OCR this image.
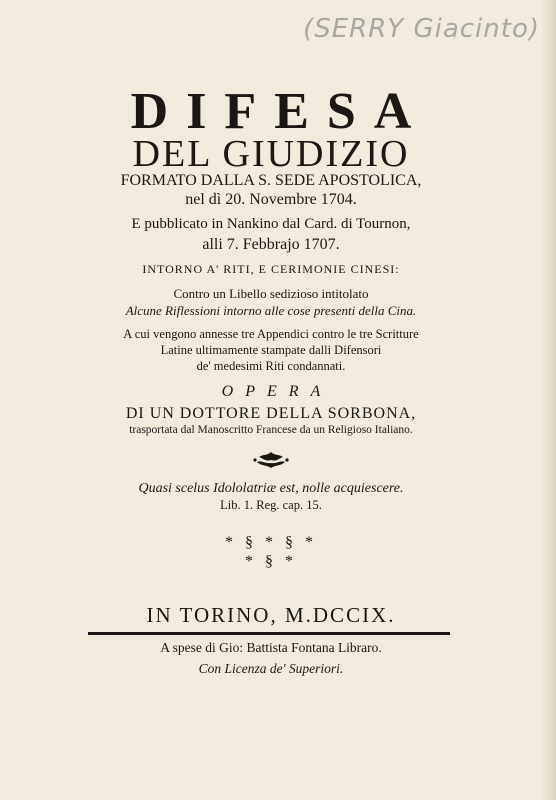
(SERRY Giacinto)
DIFESA
DEL GIUDIZIO
FORMATO DALLA S. SEDE APOSTOLICA,
nel dì 20. Novembre 1704.
E pubblicato in Nankino dal Card. di Tournon,
alli 7. Febbrajo 1707.
INTORNO A' RITI, E CERIMONIE CINESI:
Contro un Libello sedizioso intitolato
Alcune Riflessioni intorno alle cose presenti della Cina.
A cui vengono annesse tre Appendici contro le tre Scritture
Latine ultimamente stampate dalli Difensori
de' medesimi Riti condannati.
OPERA
DI UN DOTTORE DELLA SORBONA,
trasportata dal Manoscritto Francese da un Religioso Italiano.
Quasi scelus Idololatriæ est, nolle acquiescere.
Lib. 1. Reg. cap. 15.
* § * § *
* § *
IN TORINO, M.DCCIX.
A spese di Gio: Battista Fontana Libraro.
Con Licenza de' Superiori.
